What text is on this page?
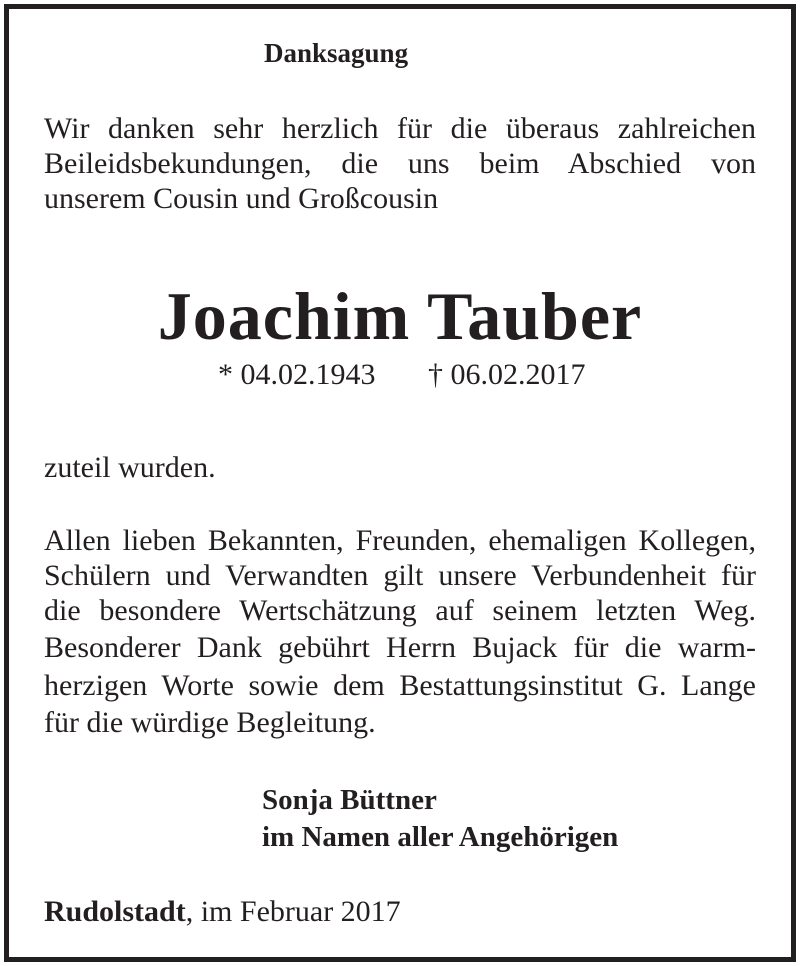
Danksagung
Wir danken sehr herzlich für die überaus zahlreichen
Beileidsbekundungen, die uns beim Abschied von
unserem Cousin und Großcousin
Joachim Tauber
* 04.02.1943 † 06.02.2017
zuteil wurden.
Allen lieben Bekannten, Freunden, ehemaligen Kollegen,
Schülern und Verwandten gilt unsere Verbundenheit für
die besondere Wertschätzung auf seinem letzten Weg.
Besonderer Dank gebührt Herrn Bujack für die warm-
herzigen Worte sowie dem Bestattungsinstitut G. Lange
für die würdige Begleitung.
Sonja Büttner
im Namen aller Angehörigen
Rudolstadt, im Februar 2017
